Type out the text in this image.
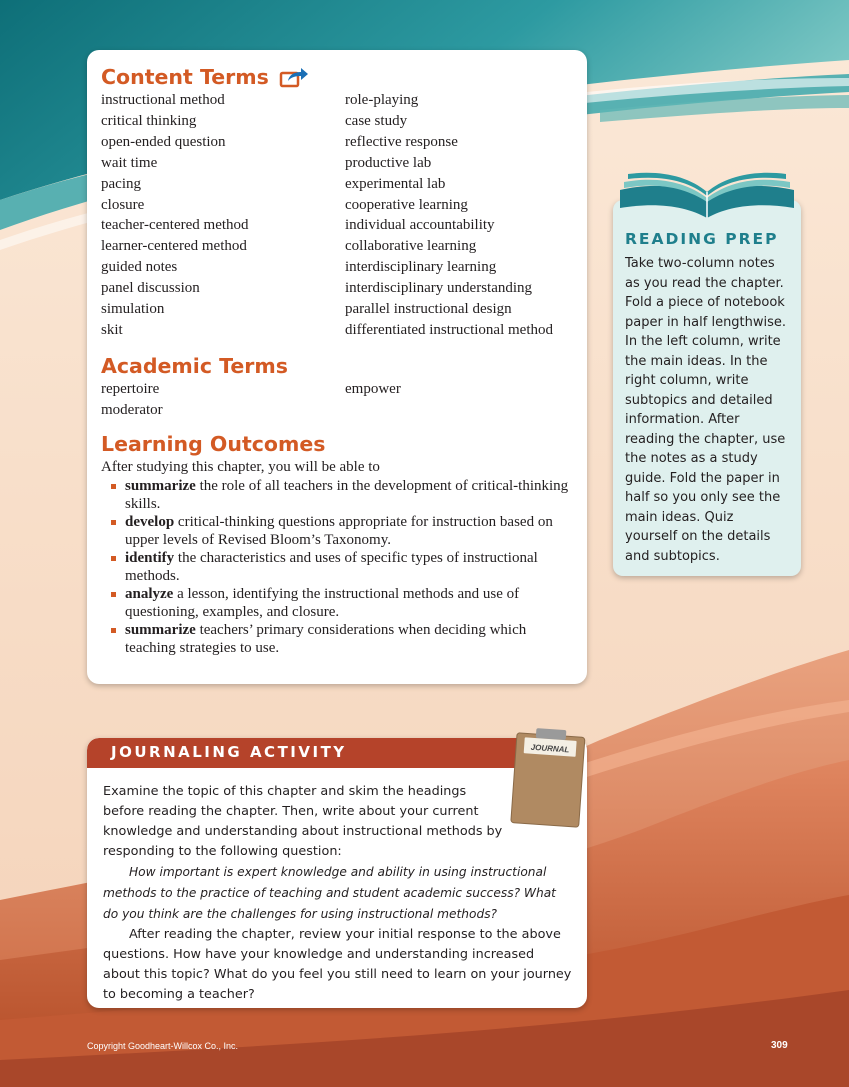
Content Terms
instructional method	role-playing
critical thinking	case study
open-ended question	reflective response
wait time	productive lab
pacing	experimental lab
closure	cooperative learning
teacher-centered method	individual accountability
learner-centered method	collaborative learning
guided notes	interdisciplinary learning
panel discussion	interdisciplinary understanding
simulation	parallel instructional design
skit	differentiated instructional method
Academic Terms
repertoire	empower
moderator
Learning Outcomes

After studying this chapter, you will be able to

summarize the role of all teachers in the development of critical-thinking skills.
develop critical-thinking questions appropriate for instruction based on upper levels of Revised Bloom’s Taxonomy.
identify the characteristics and uses of specific types of instructional methods.
analyze a lesson, identifying the instructional methods and use of questioning, examples, and closure.
summarize teachers’ primary considerations when deciding which teaching strategies to use.
READING PREP
Take two-column notes as you read the chapter. Fold a piece of notebook paper in half lengthwise. In the left column, write the main ideas. In the right column, write subtopics and detailed information. After reading the chapter, use the notes as a study guide. Fold the paper in half so you only see the main ideas. Quiz yourself on the details and subtopics.
JOURNALING ACTIVITY

Examine the topic of this chapter and skim the headings before reading the chapter. Then, write about your current knowledge and understanding about instructional methods by responding to the following question:

How important is expert knowledge and ability in using instructional methods to the practice of teaching and student academic success? What do you think are the challenges for using instructional methods?

After reading the chapter, review your initial response to the above questions. How have your knowledge and understanding increased about this topic? What do you feel you still need to learn on your journey to becoming a teacher?

JOURNAL
Copyright Goodheart-Willcox Co., Inc.	309
